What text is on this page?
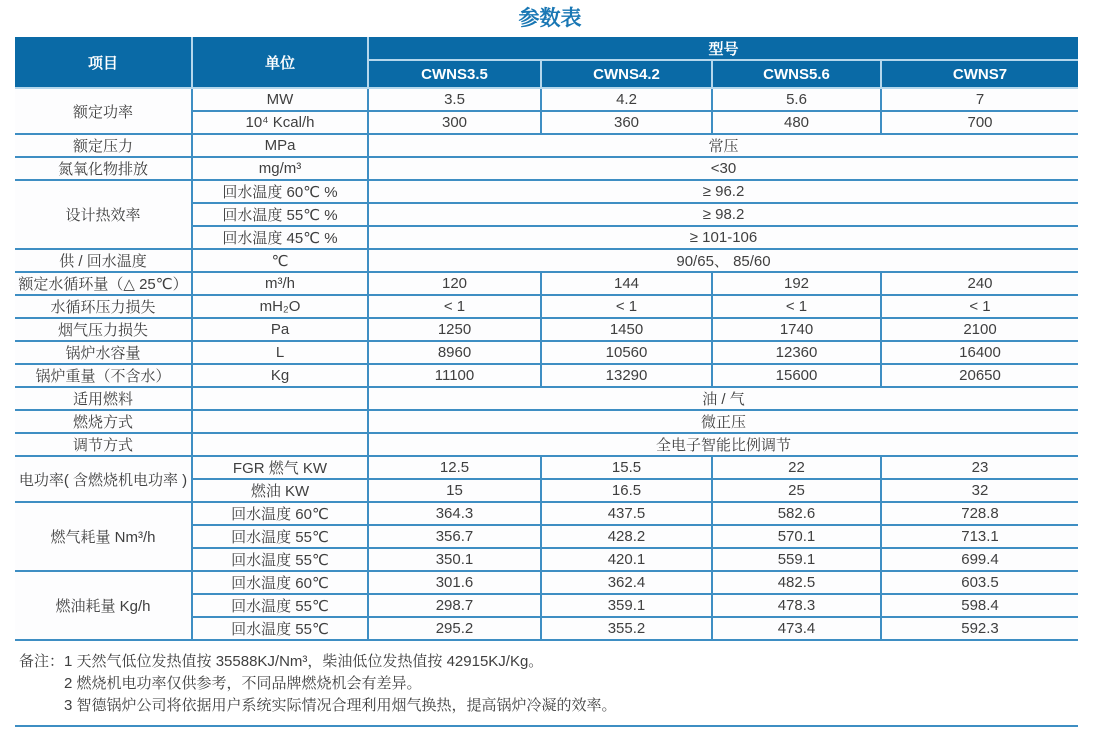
参数表
项目	单位	型号			
		CWNS3.5	CWNS4.2	CWNS5.6	CWNS7
额定功率	MW	3.5	4.2	5.6	7
	10⁴ Kcal/h	300	360	480	700
额定压力	MPa	常压			
氮氧化物排放	mg/m³	<30			
设计热效率	回水温度 60℃ %	≥ 96.2			
	回水温度 55℃ %	≥ 98.2			
	回水温度 45℃ %	≥ 101-106			
供 / 回水温度	℃	90/65、 85/60			
额定水循环量（△ 25℃）	m³/h	120	144	192	240
水循环压力损失	mH₂O	< 1	< 1	< 1	< 1
烟气压力损失	Pa	1250	1450	1740	2100
锅炉水容量	L	8960	10560	12360	16400
锅炉重量（不含水）	Kg	11100	13290	15600	20650
适用燃料		油 / 气			
燃烧方式		微正压			
调节方式		全电子智能比例调节			
电功率( 含燃烧机电功率 )	FGR 燃气 KW	12.5	15.5	22	23
	燃油 KW	15	16.5	25	32
燃气耗量 Nm³/h	回水温度 60℃	364.3	437.5	582.6	728.8
	回水温度 55℃	356.7	428.2	570.1	713.1
	回水温度 55℃	350.1	420.1	559.1	699.4
燃油耗量 Kg/h	回水温度 60℃	301.6	362.4	482.5	603.5
	回水温度 55℃	298.7	359.1	478.3	598.4
	回水温度 55℃	295.2	355.2	473.4	592.3
备注： 1 天然气低位发热值按 35588KJ/Nm³，柴油低位发热值按 42915KJ/Kg。
2 燃烧机电功率仅供参考，不同品牌燃烧机会有差异。
3 智德锅炉公司将依据用户系统实际情况合理利用烟气换热，提高锅炉冷凝的效率。
